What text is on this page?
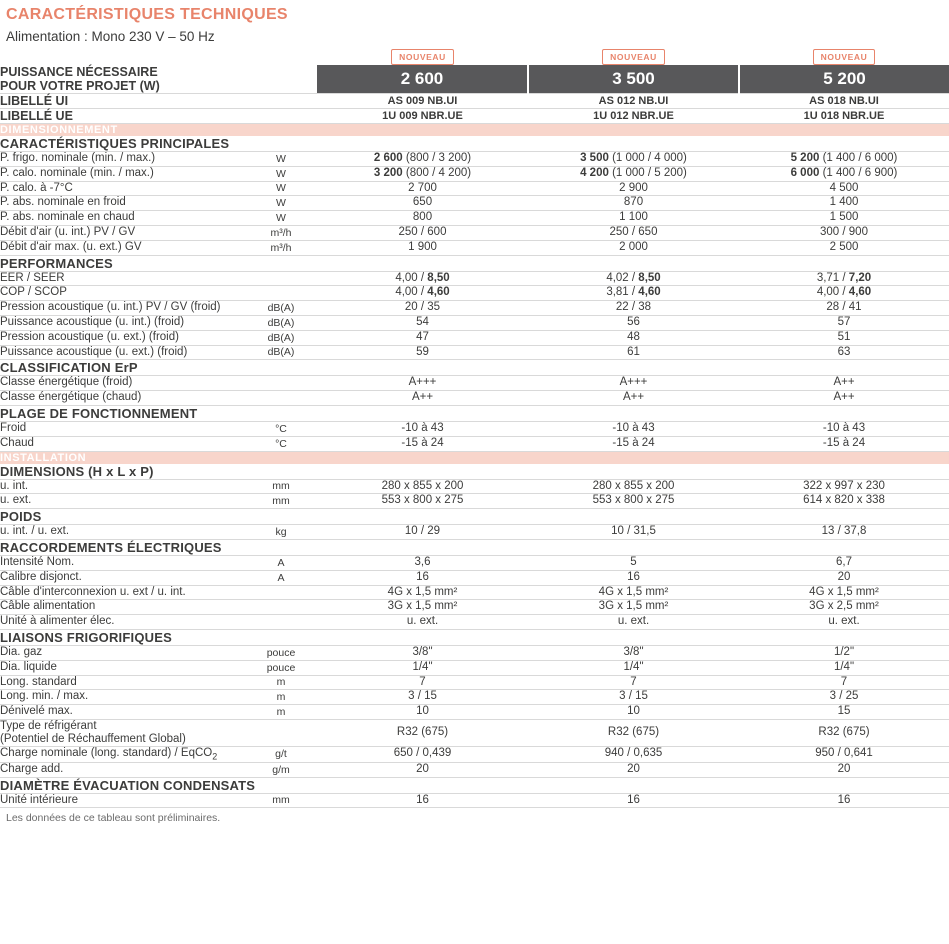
CARACTÉRISTIQUES TECHNIQUES
Alimentation : Mono 230 V – 50 Hz
		NOUVEAU	NOUVEAU	NOUVEAU

PUISSANCE NÉCESSAIRE
POUR VOTRE PROJET (W)		2 600	3 500	5 200
LIBELLÉ UI		AS 009 NB.UI	AS 012 NB.UI	AS 018 NB.UI
LIBELLÉ UE		1U 009 NBR.UE	1U 012 NBR.UE	1U 018 NBR.UE
DIMENSIONNEMENT				
CARACTÉRISTIQUES PRINCIPALES				
P. frigo. nominale (min. / max.)	W	2 600 (800 / 3 200)	3 500 (1 000 / 4 000)	5 200 (1 400 / 6 000)
P. calo. nominale (min. / max.)	W	3 200 (800 / 4 200)	4 200 (1 000 / 5 200)	6 000 (1 400 / 6 900)
P. calo. à -7°C	W	2 700	2 900	4 500
P. abs. nominale en froid	W	650	870	1 400
P. abs. nominale en chaud	W	800	1 100	1 500
Débit d'air (u. int.) PV / GV	m³/h	250 / 600	250 / 650	300 / 900
Débit d'air max. (u. ext.) GV	m³/h	1 900	2 000	2 500
PERFORMANCES				
EER / SEER		4,00 / 8,50	4,02 / 8,50	3,71 / 7,20
COP / SCOP		4,00 / 4,60	3,81 / 4,60	4,00 / 4,60
Pression acoustique (u. int.) PV / GV (froid)	dB(A)	20 / 35	22 / 38	28 / 41
Puissance acoustique (u. int.) (froid)	dB(A)	54	56	57
Pression acoustique (u. ext.) (froid)	dB(A)	47	48	51
Puissance acoustique (u. ext.) (froid)	dB(A)	59	61	63
CLASSIFICATION ErP				
Classe énergétique (froid)		A+++	A+++	A++
Classe énergétique (chaud)		A++	A++	A++
PLAGE DE FONCTIONNEMENT				
Froid	°C	-10 à 43	-10 à 43	-10 à 43
Chaud	°C	-15 à 24	-15 à 24	-15 à 24
INSTALLATION				
DIMENSIONS (H x L x P)				
u. int.	mm	280 x 855 x 200	280 x 855 x 200	322 x 997 x 230
u. ext.	mm	553 x 800 x 275	553 x 800 x 275	614 x 820 x 338
POIDS				
u. int. / u. ext.	kg	10 / 29	10 / 31,5	13 / 37,8
RACCORDEMENTS ÉLECTRIQUES				
Intensité Nom.	A	3,6	5	6,7
Calibre disjonct.	A	16	16	20
Câble d'interconnexion u. ext / u. int.		4G x 1,5 mm²	4G x 1,5 mm²	4G x 1,5 mm²
Câble alimentation		3G x 1,5 mm²	3G x 1,5 mm²	3G x 2,5 mm²
Unité à alimenter élec.		u. ext.	u. ext.	u. ext.
LIAISONS FRIGORIFIQUES				
Dia. gaz	pouce	3/8"	3/8"	1/2"
Dia. liquide	pouce	1/4"	1/4"	1/4"
Long. standard	m	7	7	7
Long. min. / max.	m	3 / 15	3 / 15	3 / 25
Dénivelé max.	m	10	10	15

Type de réfrigérant
(Potentiel de Réchauffement Global)		R32 (675)	R32 (675)	R32 (675)
Charge nominale (long. standard) / EqCO$_2$	g/t	650 / 0,439	940 / 0,635	950 / 0,641
Charge add.	g/m	20	20	20
DIAMÈTRE ÉVACUATION CONDENSATS				
Unité intérieure	mm	16	16	16
Les données de ce tableau sont préliminaires.
